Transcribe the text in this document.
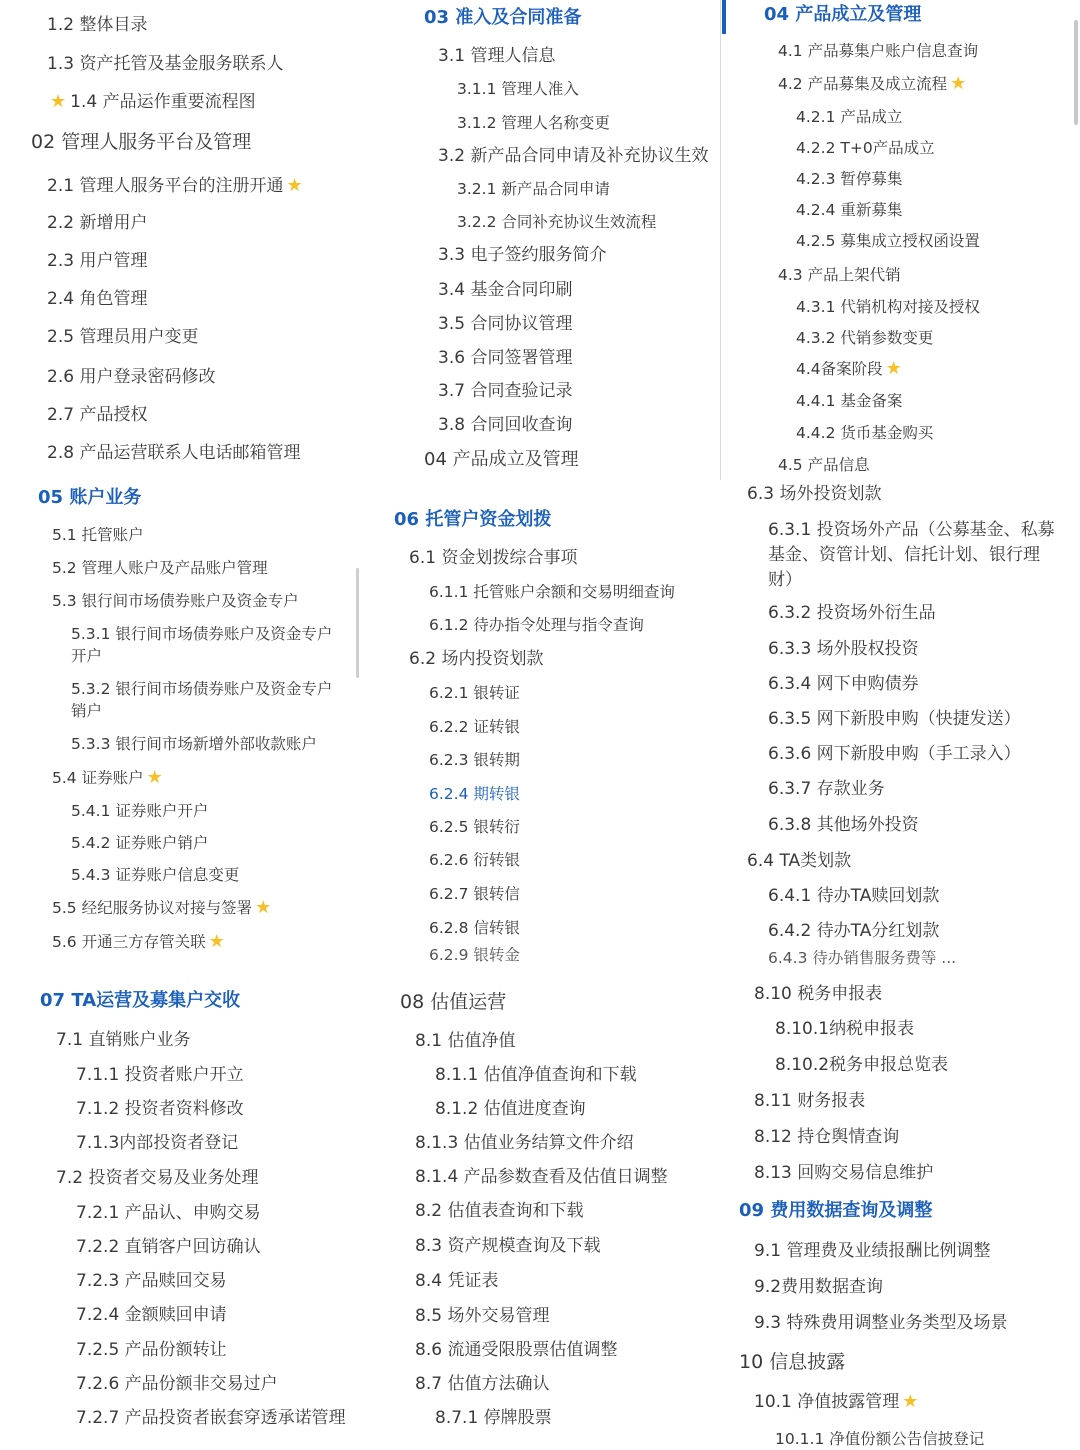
1.2 整体目录
1.3 资产托管及基金服务联系人
★ 1.4 产品运作重要流程图
02 管理人服务平台及管理
2.1 管理人服务平台的注册开通 ★
2.2 新增用户
2.3 用户管理
2.4 角色管理
2.5 管理员用户变更
2.6 用户登录密码修改
2.7 产品授权
2.8 产品运营联系人电话邮箱管理
03 准入及合同准备
3.1 管理人信息
3.1.1 管理人准入
3.1.2 管理人名称变更
3.2 新产品合同申请及补充协议生效
3.2.1 新产品合同申请
3.2.2 合同补充协议生效流程
3.3 电子签约服务简介
3.4 基金合同印刷
3.5 合同协议管理
3.6 合同签署管理
3.7 合同查验记录
3.8 合同回收查询
04 产品成立及管理
04 产品成立及管理
4.1 产品募集户账户信息查询
4.2 产品募集及成立流程 ★
4.2.1 产品成立
4.2.2 T+0产品成立
4.2.3 暂停募集
4.2.4 重新募集
4.2.5 募集成立授权函设置
4.3 产品上架代销
4.3.1 代销机构对接及授权
4.3.2 代销参数变更
4.4备案阶段 ★
4.4.1 基金备案
4.4.2 货币基金购买
4.5 产品信息
05 账户业务
5.1 托管账户
5.2 管理人账户及产品账户管理
5.3 银行间市场债券账户及资金专户
5.3.1 银行间市场债券账户及资金专户开户
5.3.2 银行间市场债券账户及资金专户销户
5.3.3 银行间市场新增外部收款账户
5.4 证券账户 ★
5.4.1 证券账户开户
5.4.2 证券账户销户
5.4.3 证券账户信息变更
5.5 经纪服务协议对接与签署 ★
5.6 开通三方存管关联 ★
06 托管户资金划拨
6.1 资金划拨综合事项
6.1.1 托管账户余额和交易明细查询
6.1.2 待办指令处理与指令查询
6.2 场内投资划款
6.2.1 银转证
6.2.2 证转银
6.2.3 银转期
6.2.4 期转银
6.2.5 银转衍
6.2.6 衍转银
6.2.7 银转信
6.2.8 信转银
6.2.9 银转金
6.3 场外投资划款
6.3.1 投资场外产品（公募基金、私募基金、资管计划、信托计划、银行理财）
6.3.2 投资场外衍生品
6.3.3 场外股权投资
6.3.4 网下申购债券
6.3.5 网下新股申购（快捷发送）
6.3.6 网下新股申购（手工录入）
6.3.7 存款业务
6.3.8 其他场外投资
6.4 TA类划款
6.4.1 待办TA赎回划款
6.4.2 待办TA分红划款
6.4.3 待办销售服务费等 ...
07 TA运营及募集户交收
7.1 直销账户业务
7.1.1 投资者账户开立
7.1.2 投资者资料修改
7.1.3内部投资者登记
7.2 投资者交易及业务处理
7.2.1 产品认、申购交易
7.2.2 直销客户回访确认
7.2.3 产品赎回交易
7.2.4 金额赎回申请
7.2.5 产品份额转让
7.2.6 产品份额非交易过户
7.2.7 产品投资者嵌套穿透承诺管理
08 估值运营
8.1 估值净值
8.1.1 估值净值查询和下载
8.1.2 估值进度查询
8.1.3 估值业务结算文件介绍
8.1.4 产品参数查看及估值日调整
8.2 估值表查询和下载
8.3 资产规模查询及下载
8.4 凭证表
8.5 场外交易管理
8.6 流通受限股票估值调整
8.7 估值方法确认
8.7.1 停牌股票
8.10 税务申报表
8.10.1纳税申报表
8.10.2税务申报总览表
8.11 财务报表
8.12 持仓舆情查询
8.13 回购交易信息维护
09 费用数据查询及调整
9.1 管理费及业绩报酬比例调整
9.2费用数据查询
9.3 特殊费用调整业务类型及场景
10 信息披露
10.1 净值披露管理 ★
10.1.1 净值份额公告信披登记
